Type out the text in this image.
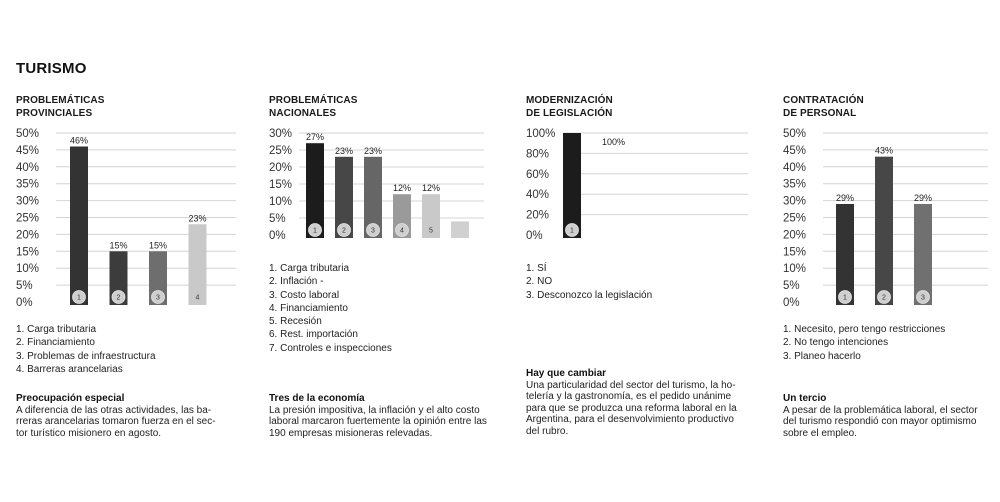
TURISMO
PROBLEMÁTICAS
PROVINCIALES
0%
5%
10%
15%
20%
25%
30%
35%
40%
45%
50%
46%
1
15%
2
15%
3
23%
4
1. Carga tributaria
2. Financiamiento
3. Problemas de infraestructura
4. Barreras arancelarias
Preocupación especial
A diferencia de las otras actividades, las ba-
rreras arancelarias tomaron fuerza en el sec-
tor turístico misionero en agosto.
PROBLEMÁTICAS
NACIONALES
0%
5%
10%
15%
20%
25%
30% 27%
1
23%
2
23%
3
12%
4
12%
5
1. Carga tributaria
2. Inflación -
3. Costo laboral
4. Financiamiento
5. Recesión
6. Rest. importación
7. Controles e inspecciones
Tres de la economía
La presión impositiva, la inflación y el alto costo
laboral marcaron fuertemente la opinión entre las
190 empresas misioneras relevadas.
MODERNIZACIÓN
DE LEGISLACIÓN
0%
20%
40%
60%
80%
100%
100%
1
1. SÍ
2. NO
3. Desconozco la legislación
Hay que cambiar
Una particularidad del sector del turismo, la ho-
telería y la gastronomía, es el pedido unánime
para que se produzca una reforma laboral en la
Argentina, para el desenvolvimiento productivo
del rubro.
CONTRATACIÓN
DE PERSONAL
0%
5%
10%
15%
20%
25%
30%
35%
40%
45%
50%
29%
1
43%
2
29%
3
1. Necesito, pero tengo restricciones
2. No tengo intenciones
3. Planeo hacerlo
Un tercio
A pesar de la problemática laboral, el sector
del turismo respondió con mayor optimismo
sobre el empleo.
